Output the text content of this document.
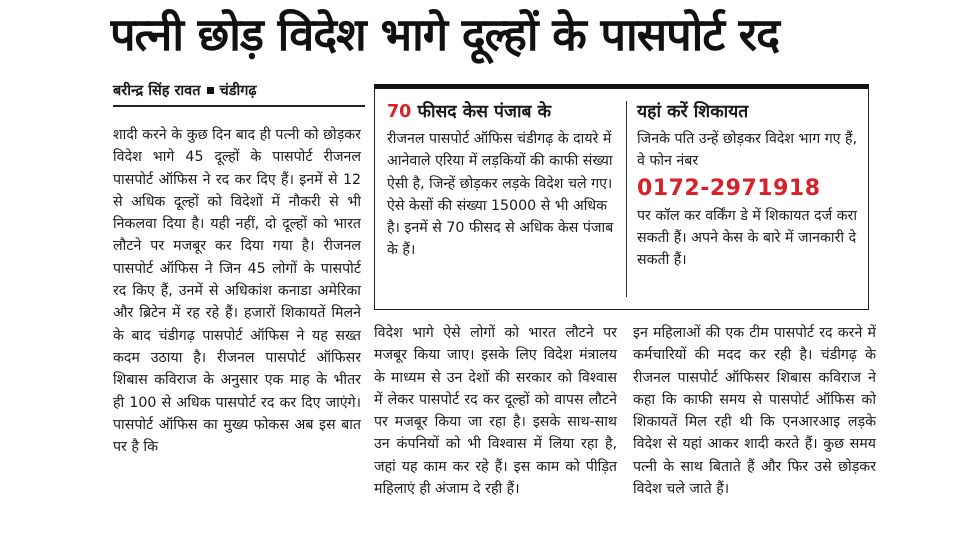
पत्नी छोड़ विदेश भागे दूल्हों के पासपोर्ट रद
बरीन्द्र सिंह रावत चंडीगढ़
शादी करने के कुछ दिन बाद ही पत्नी को छोड़कर विदेश भागे 45 दूल्हों के पासपोर्ट रीजनल पासपोर्ट ऑफिस ने रद कर दिए हैं। इनमें से 12 से अधिक दूल्हों को विदेशों में नौकरी से भी निकलवा दिया है। यही नहीं, दो दूल्हों को भारत लौटने पर मजबूर कर दिया गया है। रीजनल पासपोर्ट ऑफिस ने जिन 45 लोगों के पासपोर्ट रद किए हैं, उनमें से अधिकांश कनाडा अमेरिका और ब्रिटेन में रह रहे हैं। हजारों शिकायतें मिलने के बाद चंडीगढ़ पासपोर्ट ऑफिस ने यह सख्त कदम उठाया है। रीजनल पासपोर्ट ऑफिसर शिबास कविराज के अनुसार एक माह के भीतर ही 100 से अधिक पासपोर्ट रद कर दिए जाएंगे। पासपोर्ट ऑफिस का मुख्य फोकस अब इस बात पर है कि
70 फीसद केस पंजाब के
रीजनल पासपोर्ट ऑफिस चंडीगढ़ के दायरे में आनेवाले एरिया में लड़कियों की काफी संख्या ऐसी है, जिन्हें छोड़कर लड़के विदेश चले गए। ऐसे केसों की संख्या 15000 से भी अधिक है। इनमें से 70 फीसद से अधिक केस पंजाब के हैं।
यहां करें शिकायत
जिनके पति उन्हें छोड़कर विदेश भाग गए हैं, वे फोन नंबर
0172-2971918
पर कॉल कर वर्किंग डे में शिकायत दर्ज करा सकती हैं। अपने केस के बारे में जानकारी दे सकती हैं।
विदेश भागे ऐसे लोगों को भारत लौटने पर मजबूर किया जाए। इसके लिए विदेश मंत्रालय के माध्यम से उन देशों की सरकार को विश्वास में लेकर पासपोर्ट रद कर दूल्हों को वापस लौटने पर मजबूर किया जा रहा है। इसके साथ-साथ उन कंपनियों को भी विश्वास में लिया रहा है, जहां यह काम कर रहे हैं। इस काम को पीड़ित महिलाएं ही अंजाम दे रही हैं।
इन महिलाओं की एक टीम पासपोर्ट रद करने में कर्मचारियों की मदद कर रही है। चंडीगढ़ के रीजनल पासपोर्ट ऑफिसर शिबास कविराज ने कहा कि काफी समय से पासपोर्ट ऑफिस को शिकायतें मिल रही थी कि एनआरआइ लड़के विदेश से यहां आकर शादी करते हैं। कुछ समय पत्नी के साथ बिताते हैं और फिर उसे छोड़कर विदेश चले जाते हैं।
